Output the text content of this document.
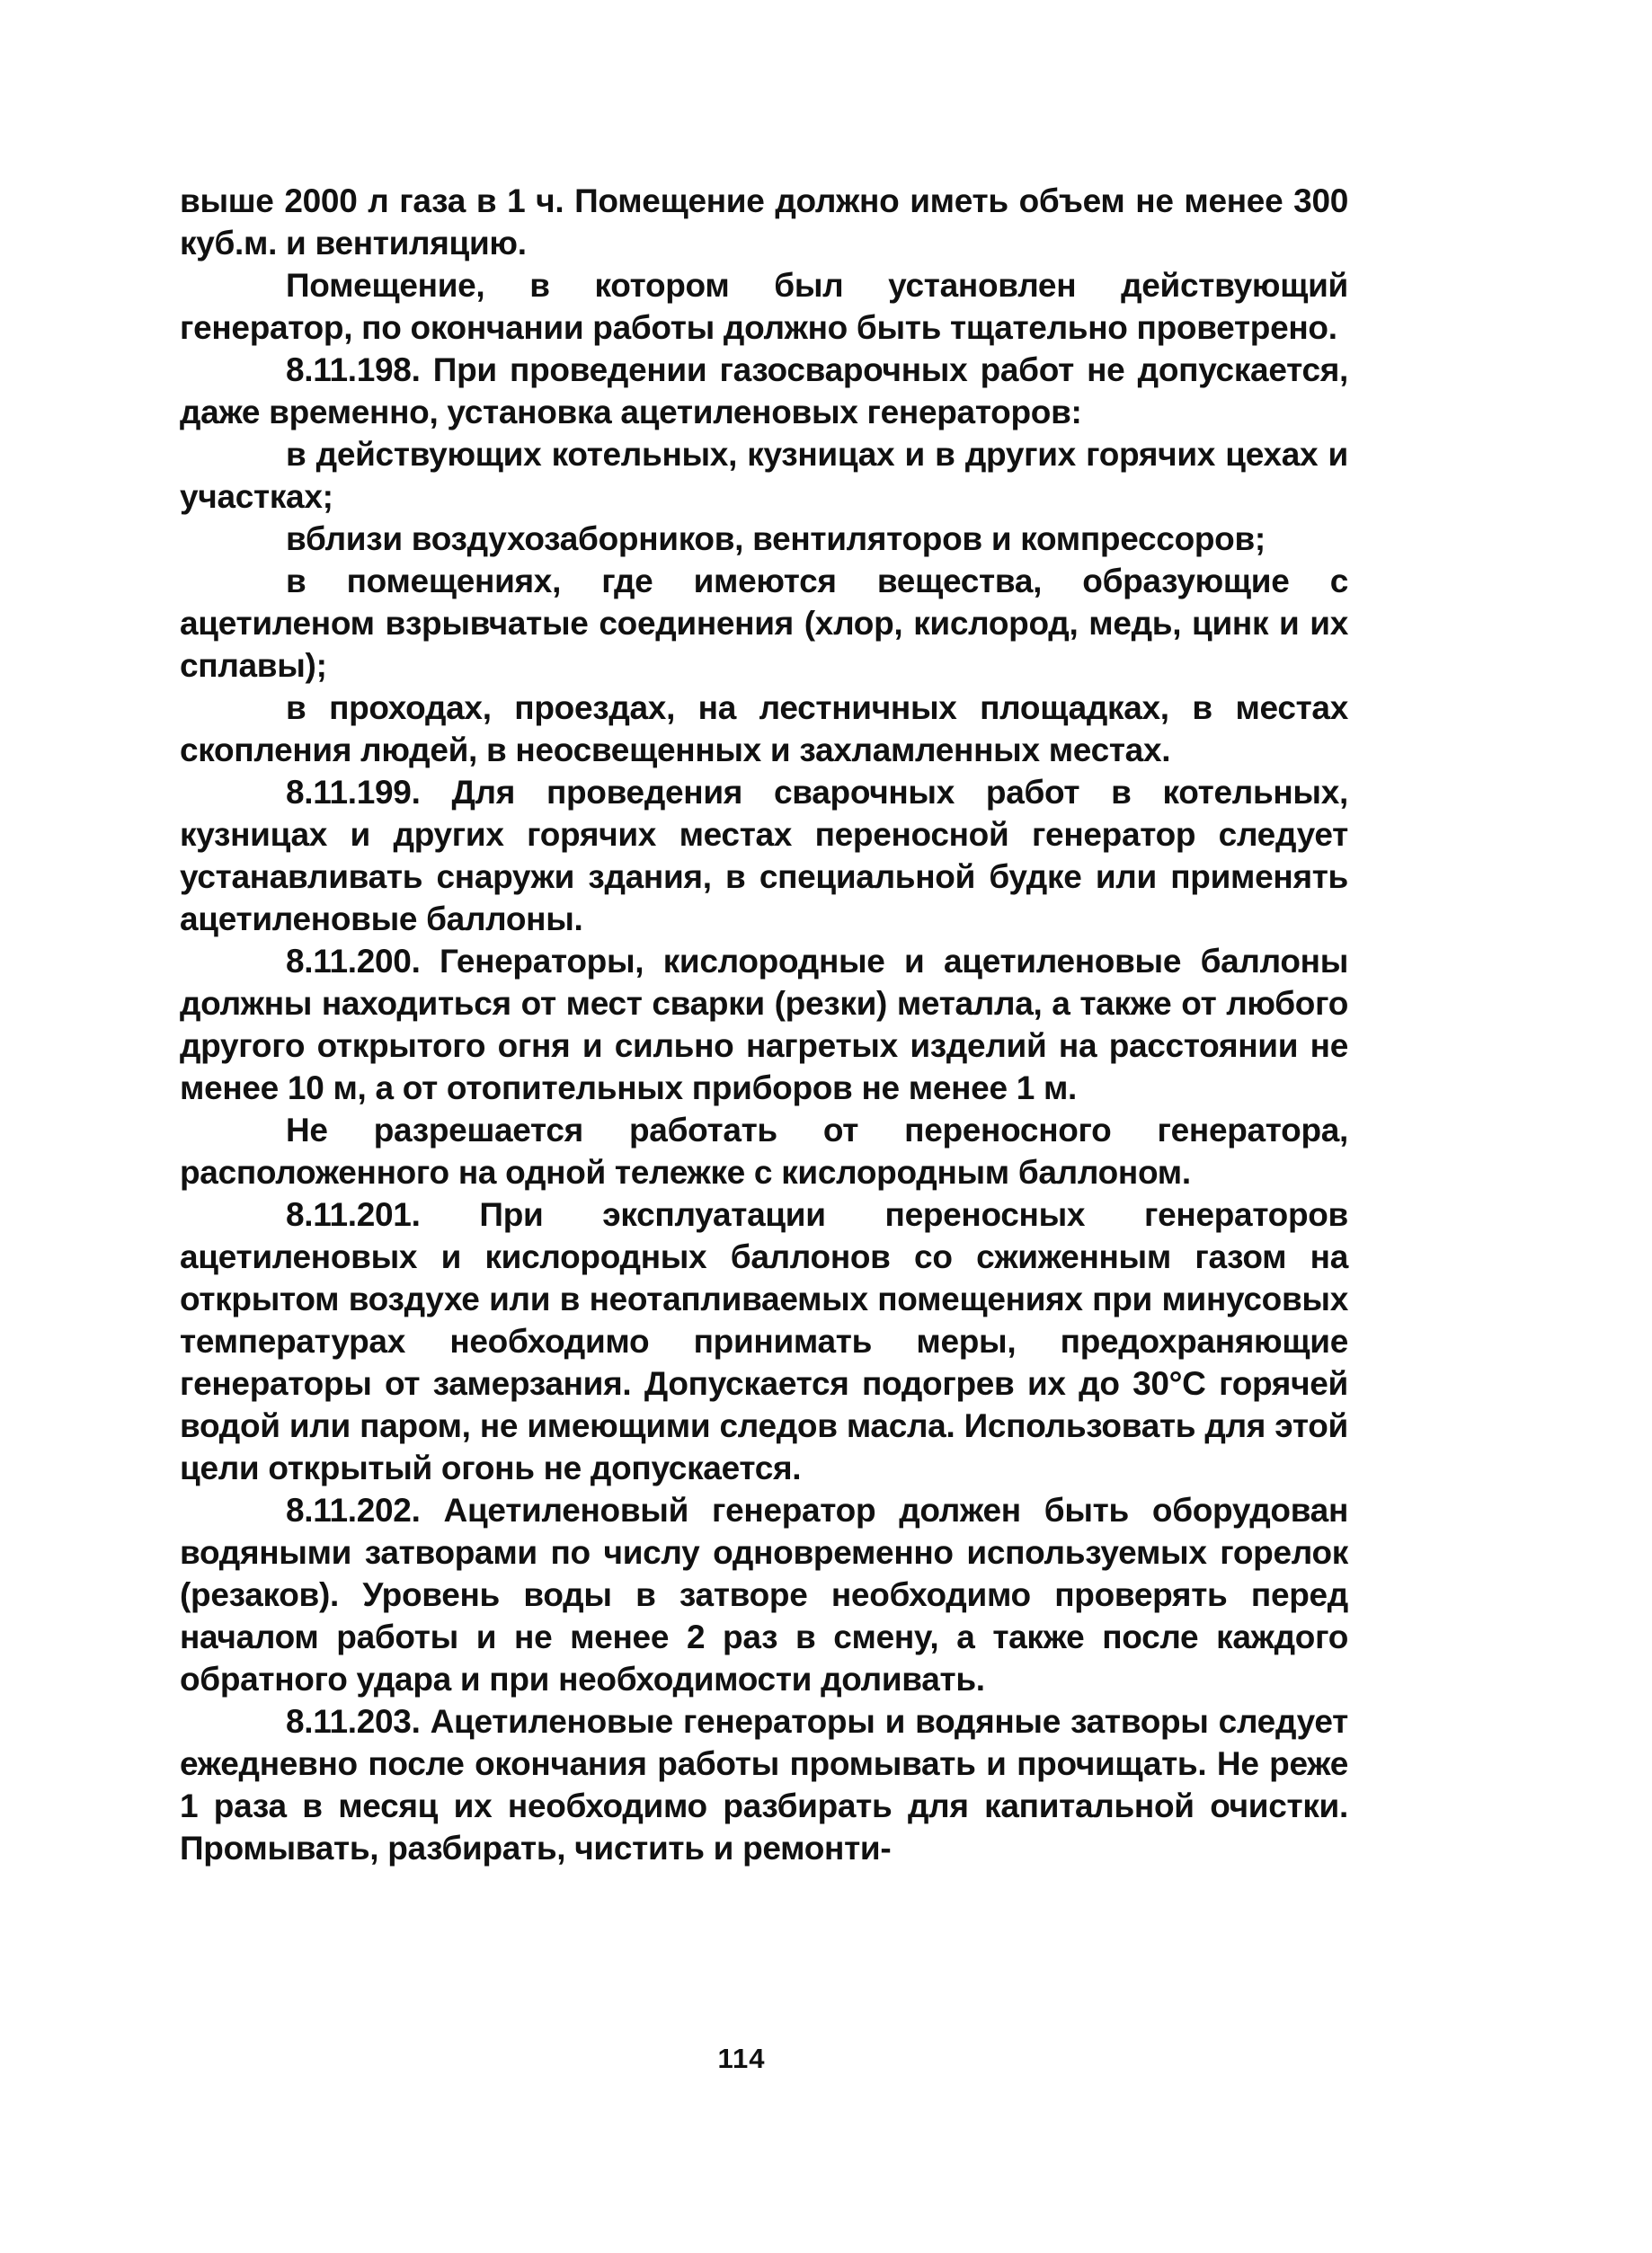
выше 2000 л газа в 1 ч. Помещение должно иметь объем не менее 300 куб.м. и вентиляцию.

Помещение, в котором был установлен действующий генератор, по окончании работы должно быть тщательно проветрено.

8.11.198. При проведении газосварочных работ не допускается, даже временно, установка ацетиленовых генераторов:

в действующих котельных, кузницах и в других горячих цехах и участках;

вблизи воздухозаборников, вентиляторов и компрессоров;

в помещениях, где имеются вещества, образующие с ацетиленом взрывчатые соединения (хлор, кислород, медь, цинк и их сплавы);

в проходах, проездах, на лестничных площадках, в местах скопления людей, в неосвещенных и захламленных местах.

8.11.199. Для проведения сварочных работ в котельных, кузницах и других горячих местах переносной генератор следует устанавливать снаружи здания, в специальной будке или применять ацетиленовые баллоны.

8.11.200. Генераторы, кислородные и ацетиленовые баллоны должны находиться от мест сварки (резки) металла, а также от любого другого открытого огня и сильно нагретых изделий на расстоянии не менее 10 м, а от отопительных приборов не менее 1 м.

Не разрешается работать от переносного генератора, расположенного на одной тележке с кислородным баллоном.

8.11.201. При эксплуатации переносных генераторов ацетиленовых и кислородных баллонов со сжиженным газом на открытом воздухе или в неотапливаемых помещениях при минусовых температурах необходимо принимать меры, предохраняющие генераторы от замерзания. Допускается подогрев их до 30°С горячей водой или паром, не имеющими следов масла. Использовать для этой цели открытый огонь не допускается.

8.11.202. Ацетиленовый генератор должен быть оборудован водяными затворами по числу одновременно используемых горелок (резаков). Уровень воды в затворе необходимо проверять перед началом работы и не менее 2 раз в смену, а также после каждого обратного удара и при необходимости доливать.

8.11.203. Ацетиленовые генераторы и водяные затворы следует ежедневно после окончания работы промывать и прочищать. Не реже 1 раза в месяц их необходимо разбирать для капитальной очистки. Промывать, разбирать, чистить и ремонти-

114
